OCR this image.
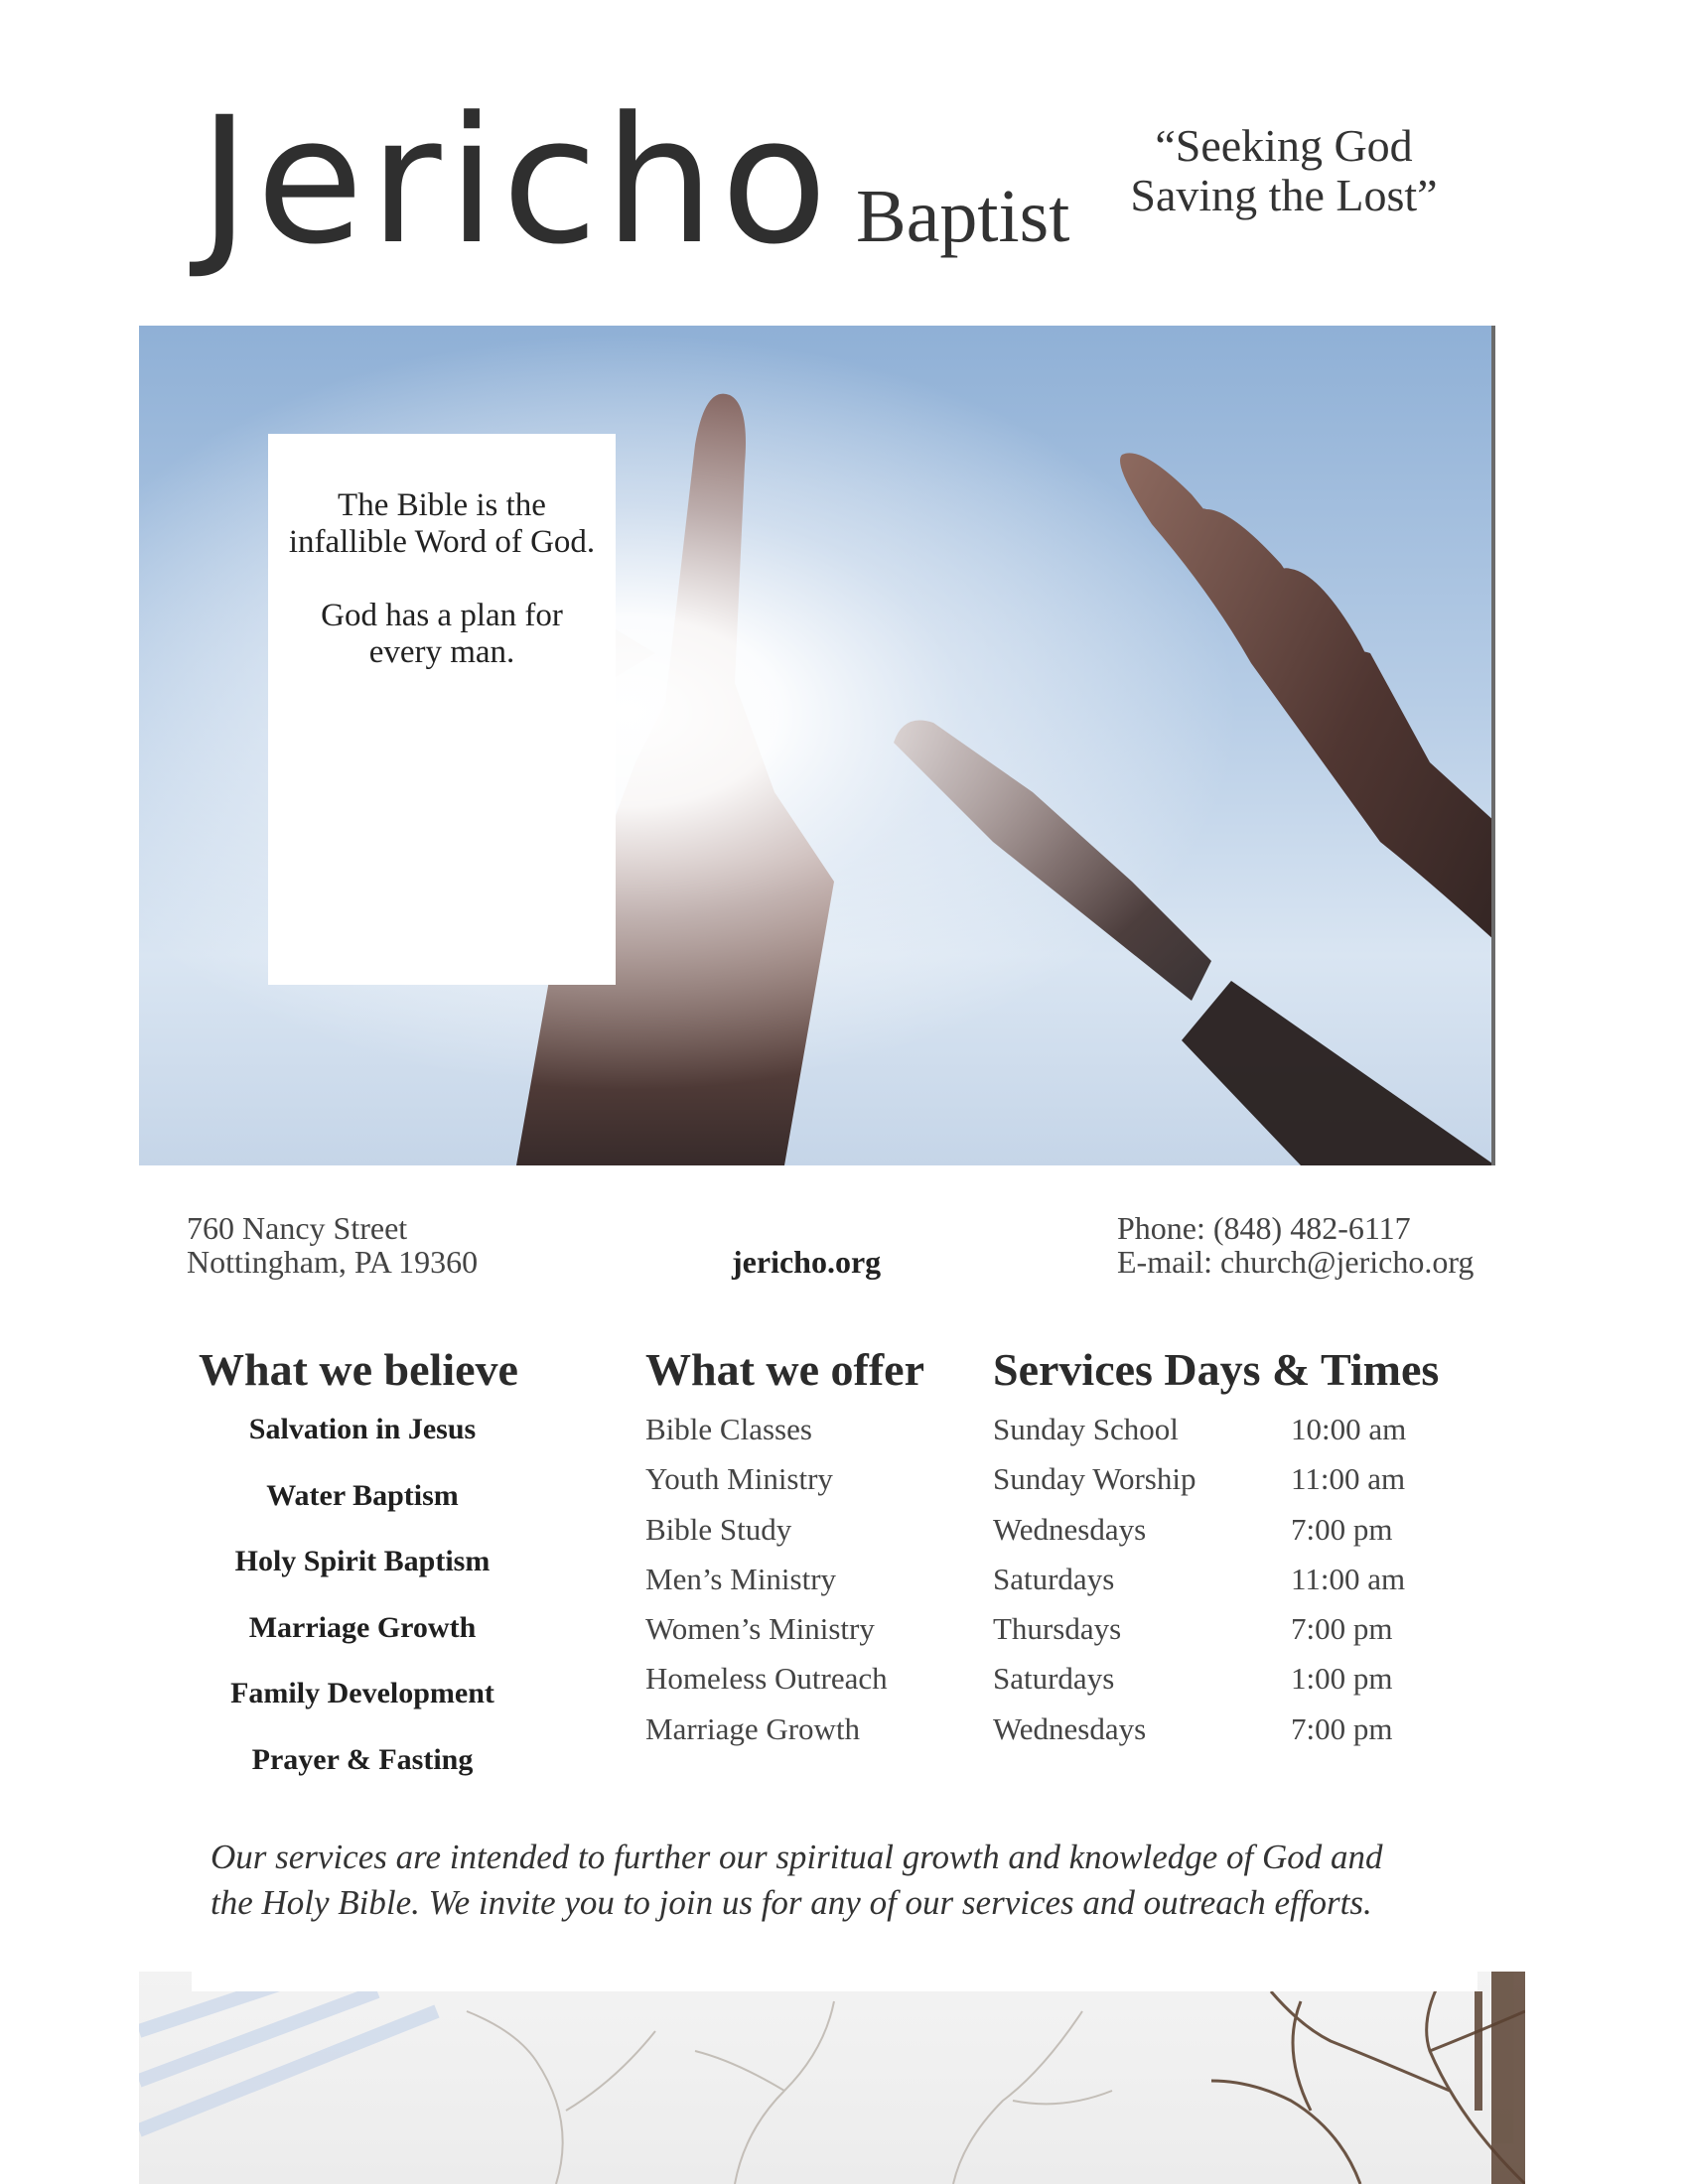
Jericho Baptist
“Seeking God
Saving the Lost”

The Bible is the infallible Word of God.

God has a plan for every man.

760 Nancy Street
Nottingham, PA 19360	jericho.org
Phone: (848) 482-6117
E-mail: church@jericho.org
What we believe	What we offer Services Days & Times
Salvation in Jesus
Water Baptism
Holy Spirit Baptism
Marriage Growth
Family Development
Prayer & Fasting
Bible Classes
Youth Ministry
Bible Study
Men’s Ministry
Women’s Ministry
Homeless Outreach
Marriage Growth
Sunday School	10:00 am
Sunday Worship	11:00 am
Wednesdays	7:00 pm
Saturdays	11:00 am
Thursdays	7:00 pm
Saturdays	1:00 pm
Wednesdays	7:00 pm
Our services are intended to further our spiritual growth and knowledge of God and
the Holy Bible. We invite you to join us for any of our services and outreach efforts.
